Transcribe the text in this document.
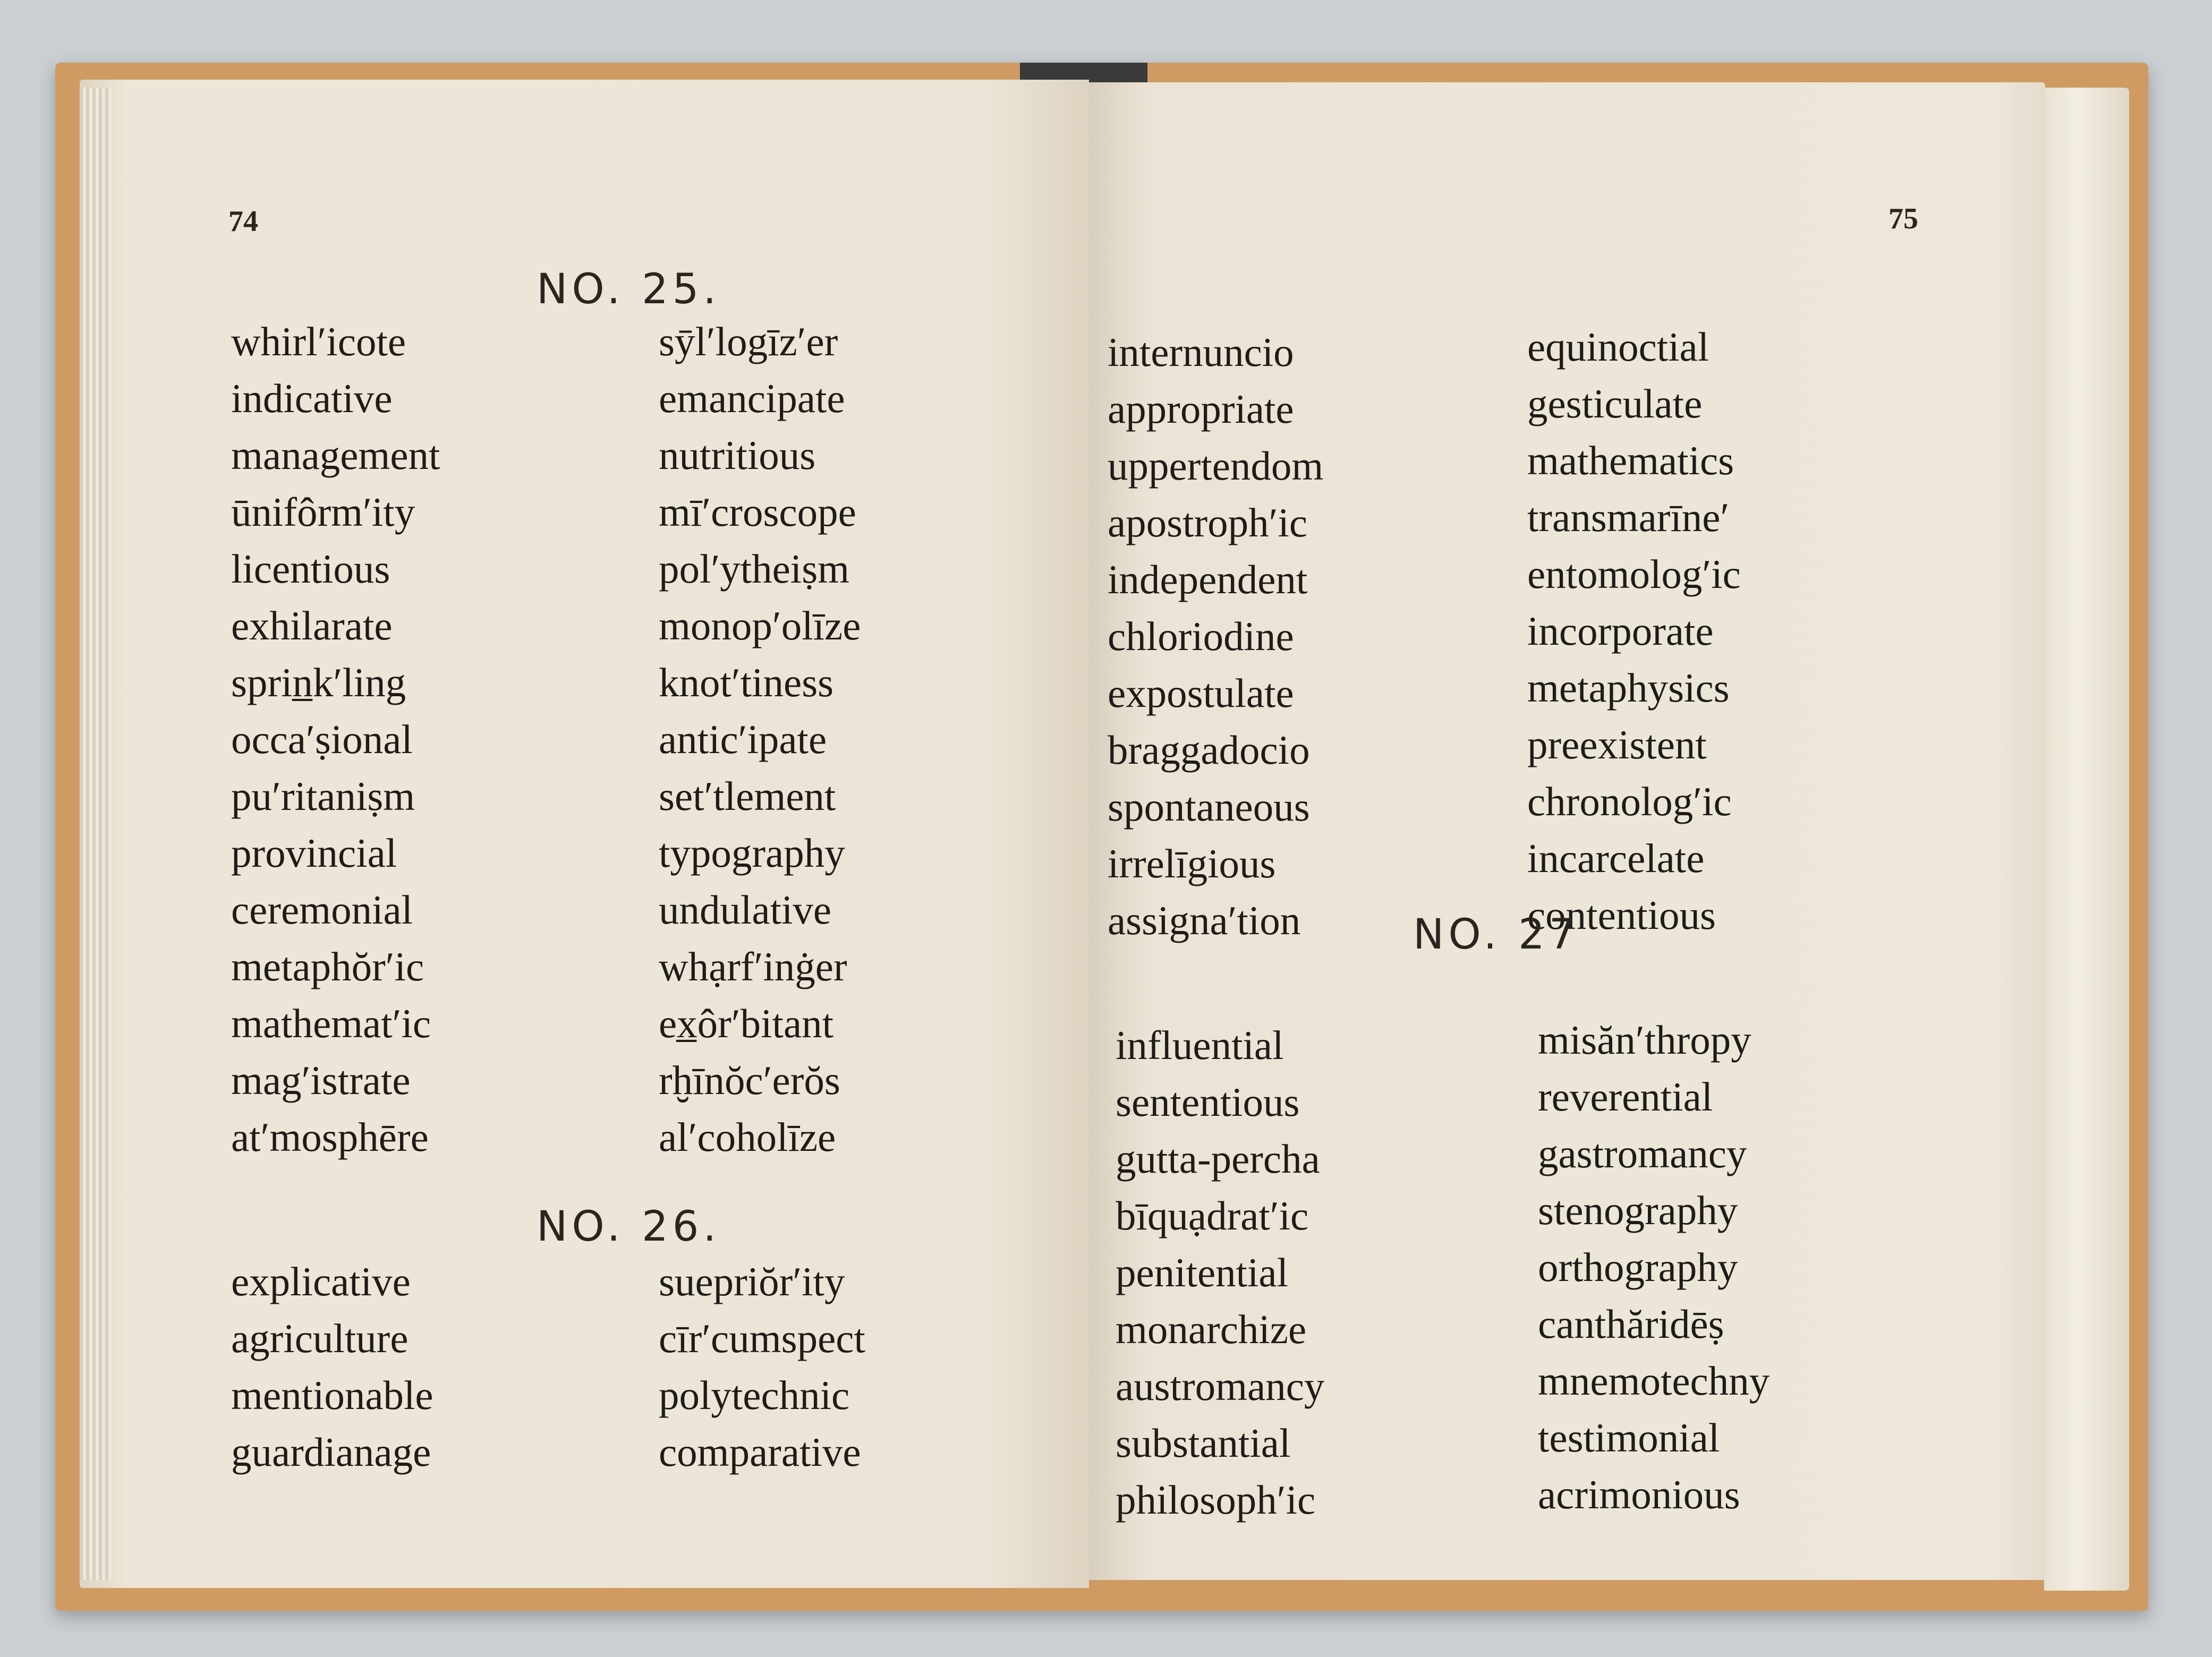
74
NO. 25.
whirl′icote
indicative
management
ūnifôrm′ity
licentious
exhilarate
sprin̲k′ling
occa′ṣional
pu′ritaniṣm
provincial
ceremonial
metaphŏr′ic
mathemat′ic
mag′istrate
at′mosphēre
sȳl′logīz′er
emancipate
nutritious
mī′croscope
pol′ytheiṣm
monop′olīze
knot′tiness
antic′ipate
set′tlement
typography
undulative
whạrf′inġer
ex̲ôr′bitant
rḫīnŏc′erŏs
al′coholīze
NO. 26.
explicative
agriculture
mentionable
guardianage
suepriŏr′ity
cīr′cumspect
polytechnic
comparative
75
internuncio
appropriate
uppertendom
apostroph′ic
independent
chloriodine
expostulate
braggadocio
spontaneous
irrelīgious
assigna′tion
equinoctial
gesticulate
mathematics
transmarīne′
entomolog′ic
incorporate
metaphysics
preexistent
chronolog′ic
incarcelate
contentious
NO. 27
influential
sententious
gutta-percha
bīquạdrat′ic
penitential
monarchize
austromancy
substantial
philosoph′ic
misăn′thropy
reverential
gastromancy
stenography
orthography
canthăridēṣ
mnemotechny
testimonial
acrimonious
